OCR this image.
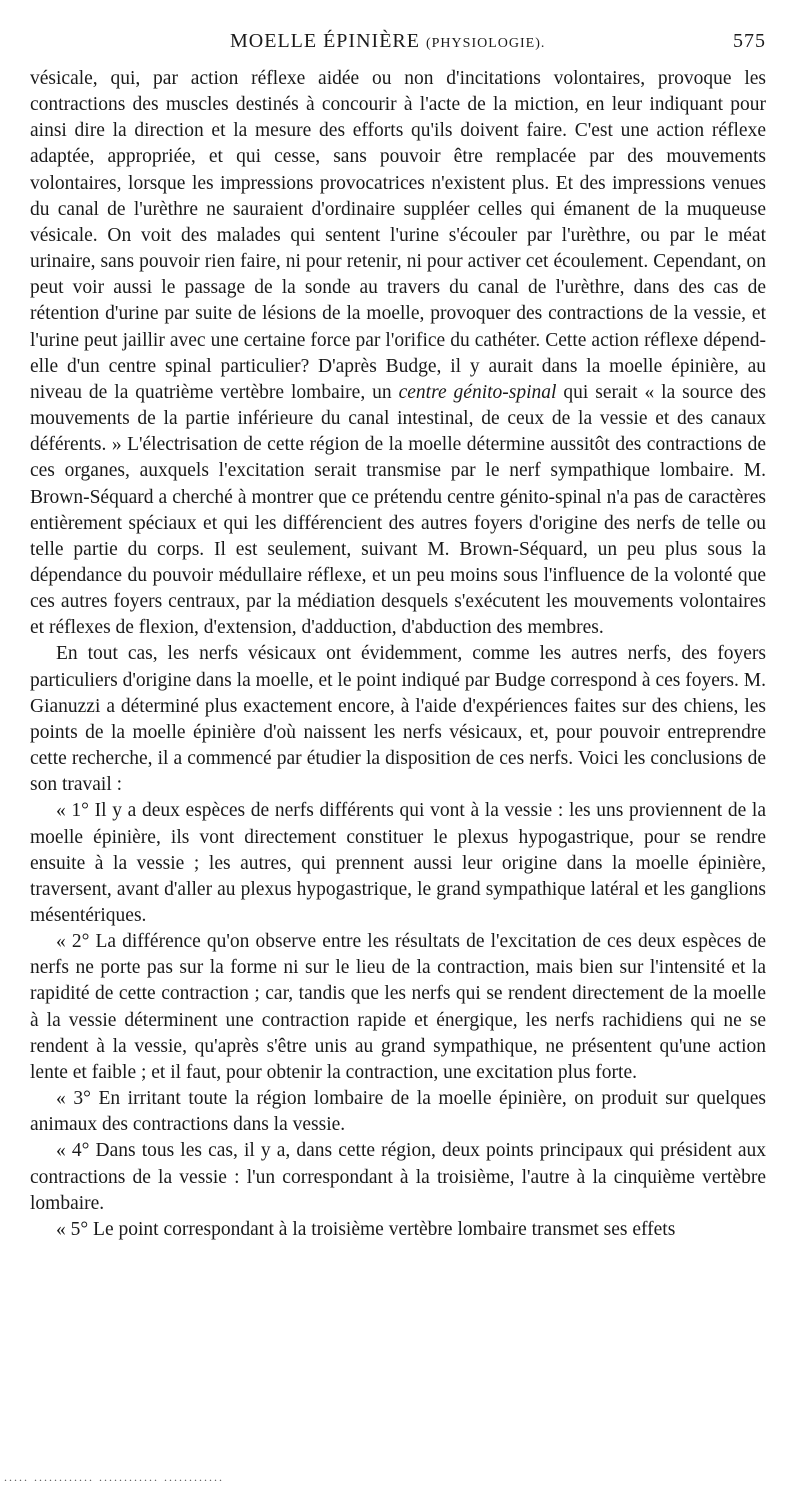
MOELLE ÉPINIÈRE (PHYSIOLOGIE).	575

vésicale, qui, par action réflexe aidée ou non d'incitations volontaires, provoque les contractions des muscles destinés à concourir à l'acte de la miction, en leur indiquant pour ainsi dire la direction et la mesure des efforts qu'ils doivent faire. C'est une action réflexe adaptée, appropriée, et qui cesse, sans pouvoir être remplacée par des mouvements volontaires, lorsque les impressions provocatrices n'existent plus. Et des impressions venues du canal de l'urèthre ne sauraient d'ordinaire suppléer celles qui émanent de la muqueuse vésicale. On voit des malades qui sentent l'urine s'écouler par l'urèthre, ou par le méat urinaire, sans pouvoir rien faire, ni pour retenir, ni pour activer cet écoulement. Cependant, on peut voir aussi le passage de la sonde au travers du canal de l'urèthre, dans des cas de rétention d'urine par suite de lésions de la moelle, provoquer des contractions de la vessie, et l'urine peut jaillir avec une certaine force par l'orifice du cathéter. Cette action réflexe dépend-elle d'un centre spinal particulier? D'après Budge, il y aurait dans la moelle épinière, au niveau de la quatrième vertèbre lombaire, un centre génito-spinal qui serait « la source des mouvements de la partie inférieure du canal intestinal, de ceux de la vessie et des canaux déférents. » L'électrisation de cette région de la moelle détermine aussitôt des contractions de ces organes, auxquels l'excitation serait transmise par le nerf sympathique lombaire. M. Brown-Séquard a cherché à montrer que ce prétendu centre génito-spinal n'a pas de caractères entièrement spéciaux et qui les différencient des autres foyers d'origine des nerfs de telle ou telle partie du corps. Il est seulement, suivant M. Brown-Séquard, un peu plus sous la dépendance du pouvoir médullaire réflexe, et un peu moins sous l'influence de la volonté que ces autres foyers centraux, par la médiation desquels s'exécutent les mouvements volontaires et réflexes de flexion, d'extension, d'adduction, d'abduction des membres.

En tout cas, les nerfs vésicaux ont évidemment, comme les autres nerfs, des foyers particuliers d'origine dans la moelle, et le point indiqué par Budge correspond à ces foyers. M. Gianuzzi a déterminé plus exactement encore, à l'aide d'expériences faites sur des chiens, les points de la moelle épinière d'où naissent les nerfs vésicaux, et, pour pouvoir entreprendre cette recherche, il a commencé par étudier la disposition de ces nerfs. Voici les conclusions de son travail :

« 1° Il y a deux espèces de nerfs différents qui vont à la vessie : les uns proviennent de la moelle épinière, ils vont directement constituer le plexus hypogastrique, pour se rendre ensuite à la vessie ; les autres, qui prennent aussi leur origine dans la moelle épinière, traversent, avant d'aller au plexus hypogastrique, le grand sympathique latéral et les ganglions mésentériques.

« 2° La différence qu'on observe entre les résultats de l'excitation de ces deux espèces de nerfs ne porte pas sur la forme ni sur le lieu de la contraction, mais bien sur l'intensité et la rapidité de cette contraction ; car, tandis que les nerfs qui se rendent directement de la moelle à la vessie déterminent une contraction rapide et énergique, les nerfs rachidiens qui ne se rendent à la vessie, qu'après s'être unis au grand sympathique, ne présentent qu'une action lente et faible ; et il faut, pour obtenir la contraction, une excitation plus forte.

« 3° En irritant toute la région lombaire de la moelle épinière, on produit sur quelques animaux des contractions dans la vessie.

« 4° Dans tous les cas, il y a, dans cette région, deux points principaux qui président aux contractions de la vessie : l'un correspondant à la troisième, l'autre à la cinquième vertèbre lombaire.

« 5° Le point correspondant à la troisième vertèbre lombaire transmet ses effets

..... ............ ............ ............
